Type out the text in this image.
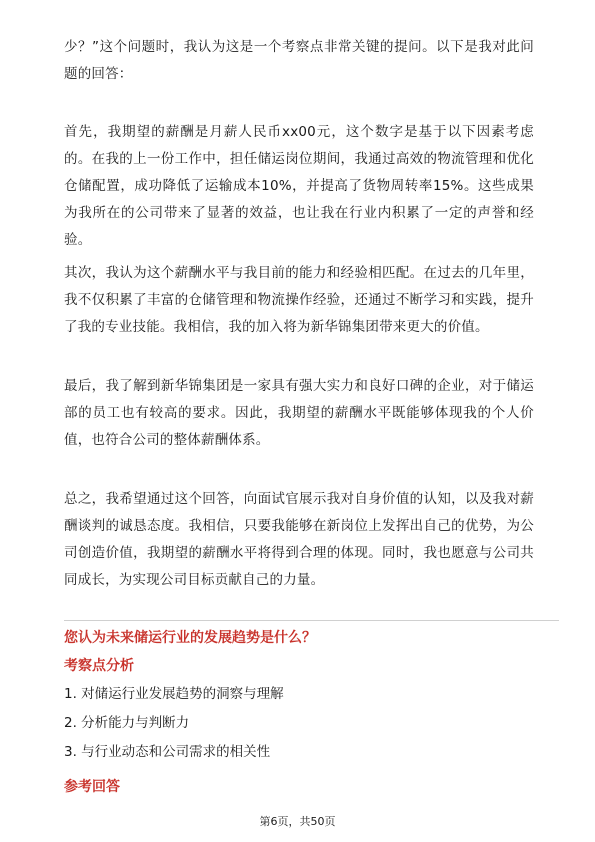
少？”这个问题时，我认为这是一个考察点非常关键的提问。以下是我对此问题的回答：

首先，我期望的薪酬是月薪人民币xx00元，这个数字是基于以下因素考虑的。在我的上一份工作中，担任储运岗位期间，我通过高效的物流管理和优化仓储配置，成功降低了运输成本10%，并提高了货物周转率15%。这些成果为我所在的公司带来了显著的效益，也让我在行业内积累了一定的声誉和经验。

其次，我认为这个薪酬水平与我目前的能力和经验相匹配。在过去的几年里，我不仅积累了丰富的仓储管理和物流操作经验，还通过不断学习和实践，提升了我的专业技能。我相信，我的加入将为新华锦集团带来更大的价值。

最后，我了解到新华锦集团是一家具有强大实力和良好口碑的企业，对于储运部的员工也有较高的要求。因此，我期望的薪酬水平既能够体现我的个人价值，也符合公司的整体薪酬体系。

总之，我希望通过这个回答，向面试官展示我对自身价值的认知，以及我对薪酬谈判的诚恳态度。我相信，只要我能够在新岗位上发挥出自己的优势，为公司创造价值，我期望的薪酬水平将得到合理的体现。同时，我也愿意与公司共同成长，为实现公司目标贡献自己的力量。

您认为未来储运行业的发展趋势是什么？

考察点分析

1. 对储运行业发展趋势的洞察与理解

2. 分析能力与判断力

3. 与行业动态和公司需求的相关性

参考回答

第6页，共50页
